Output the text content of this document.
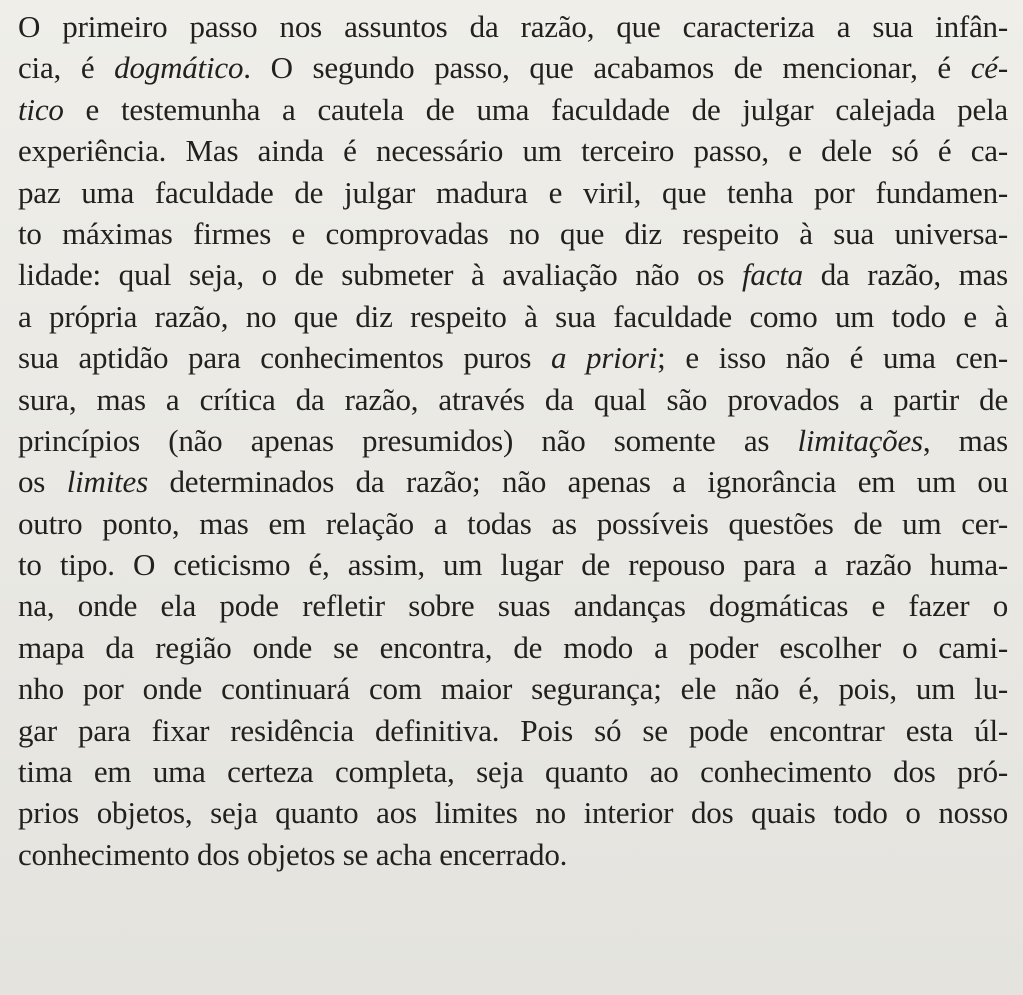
O primeiro passo nos assuntos da razão, que caracteriza a sua infân-
cia, é dogmático. O segundo passo, que acabamos de mencionar, é cé-
tico e testemunha a cautela de uma faculdade de julgar calejada pela
experiência. Mas ainda é necessário um terceiro passo, e dele só é ca-
paz uma faculdade de julgar madura e viril, que tenha por fundamen-
to máximas firmes e comprovadas no que diz respeito à sua universa-
lidade: qual seja, o de submeter à avaliação não os facta da razão, mas
a própria razão, no que diz respeito à sua faculdade como um todo e à
sua aptidão para conhecimentos puros a priori; e isso não é uma cen-
sura, mas a crítica da razão, através da qual são provados a partir de
princípios (não apenas presumidos) não somente as limitações, mas
os limites determinados da razão; não apenas a ignorância em um ou
outro ponto, mas em relação a todas as possíveis questões de um cer-
to tipo. O ceticismo é, assim, um lugar de repouso para a razão huma-
na, onde ela pode refletir sobre suas andanças dogmáticas e fazer o
mapa da região onde se encontra, de modo a poder escolher o cami-
nho por onde continuará com maior segurança; ele não é, pois, um lu-
gar para fixar residência definitiva. Pois só se pode encontrar esta úl-
tima em uma certeza completa, seja quanto ao conhecimento dos pró-
prios objetos, seja quanto aos limites no interior dos quais todo o nosso
conhecimento dos objetos se acha encerrado.
